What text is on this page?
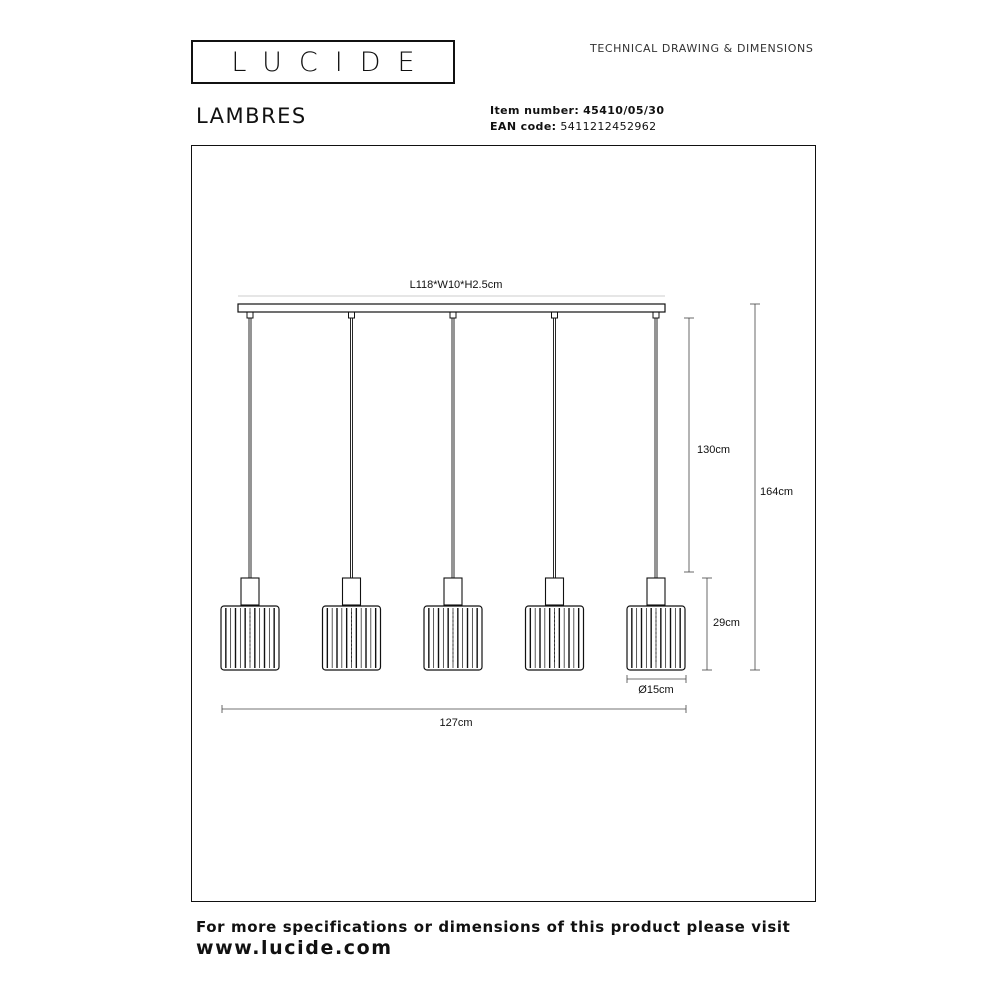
LUCIDE	TECHNICAL DRAWING & DIMENSIONS
LAMBRES	Item number: 45410/05/30
EAN code: 5411212452962
L118*W10*H2.5cm
130cm
164cm
29cm
Ø15cm
127cm
For more specifications or dimensions of this product please visit
www.lucide.com
